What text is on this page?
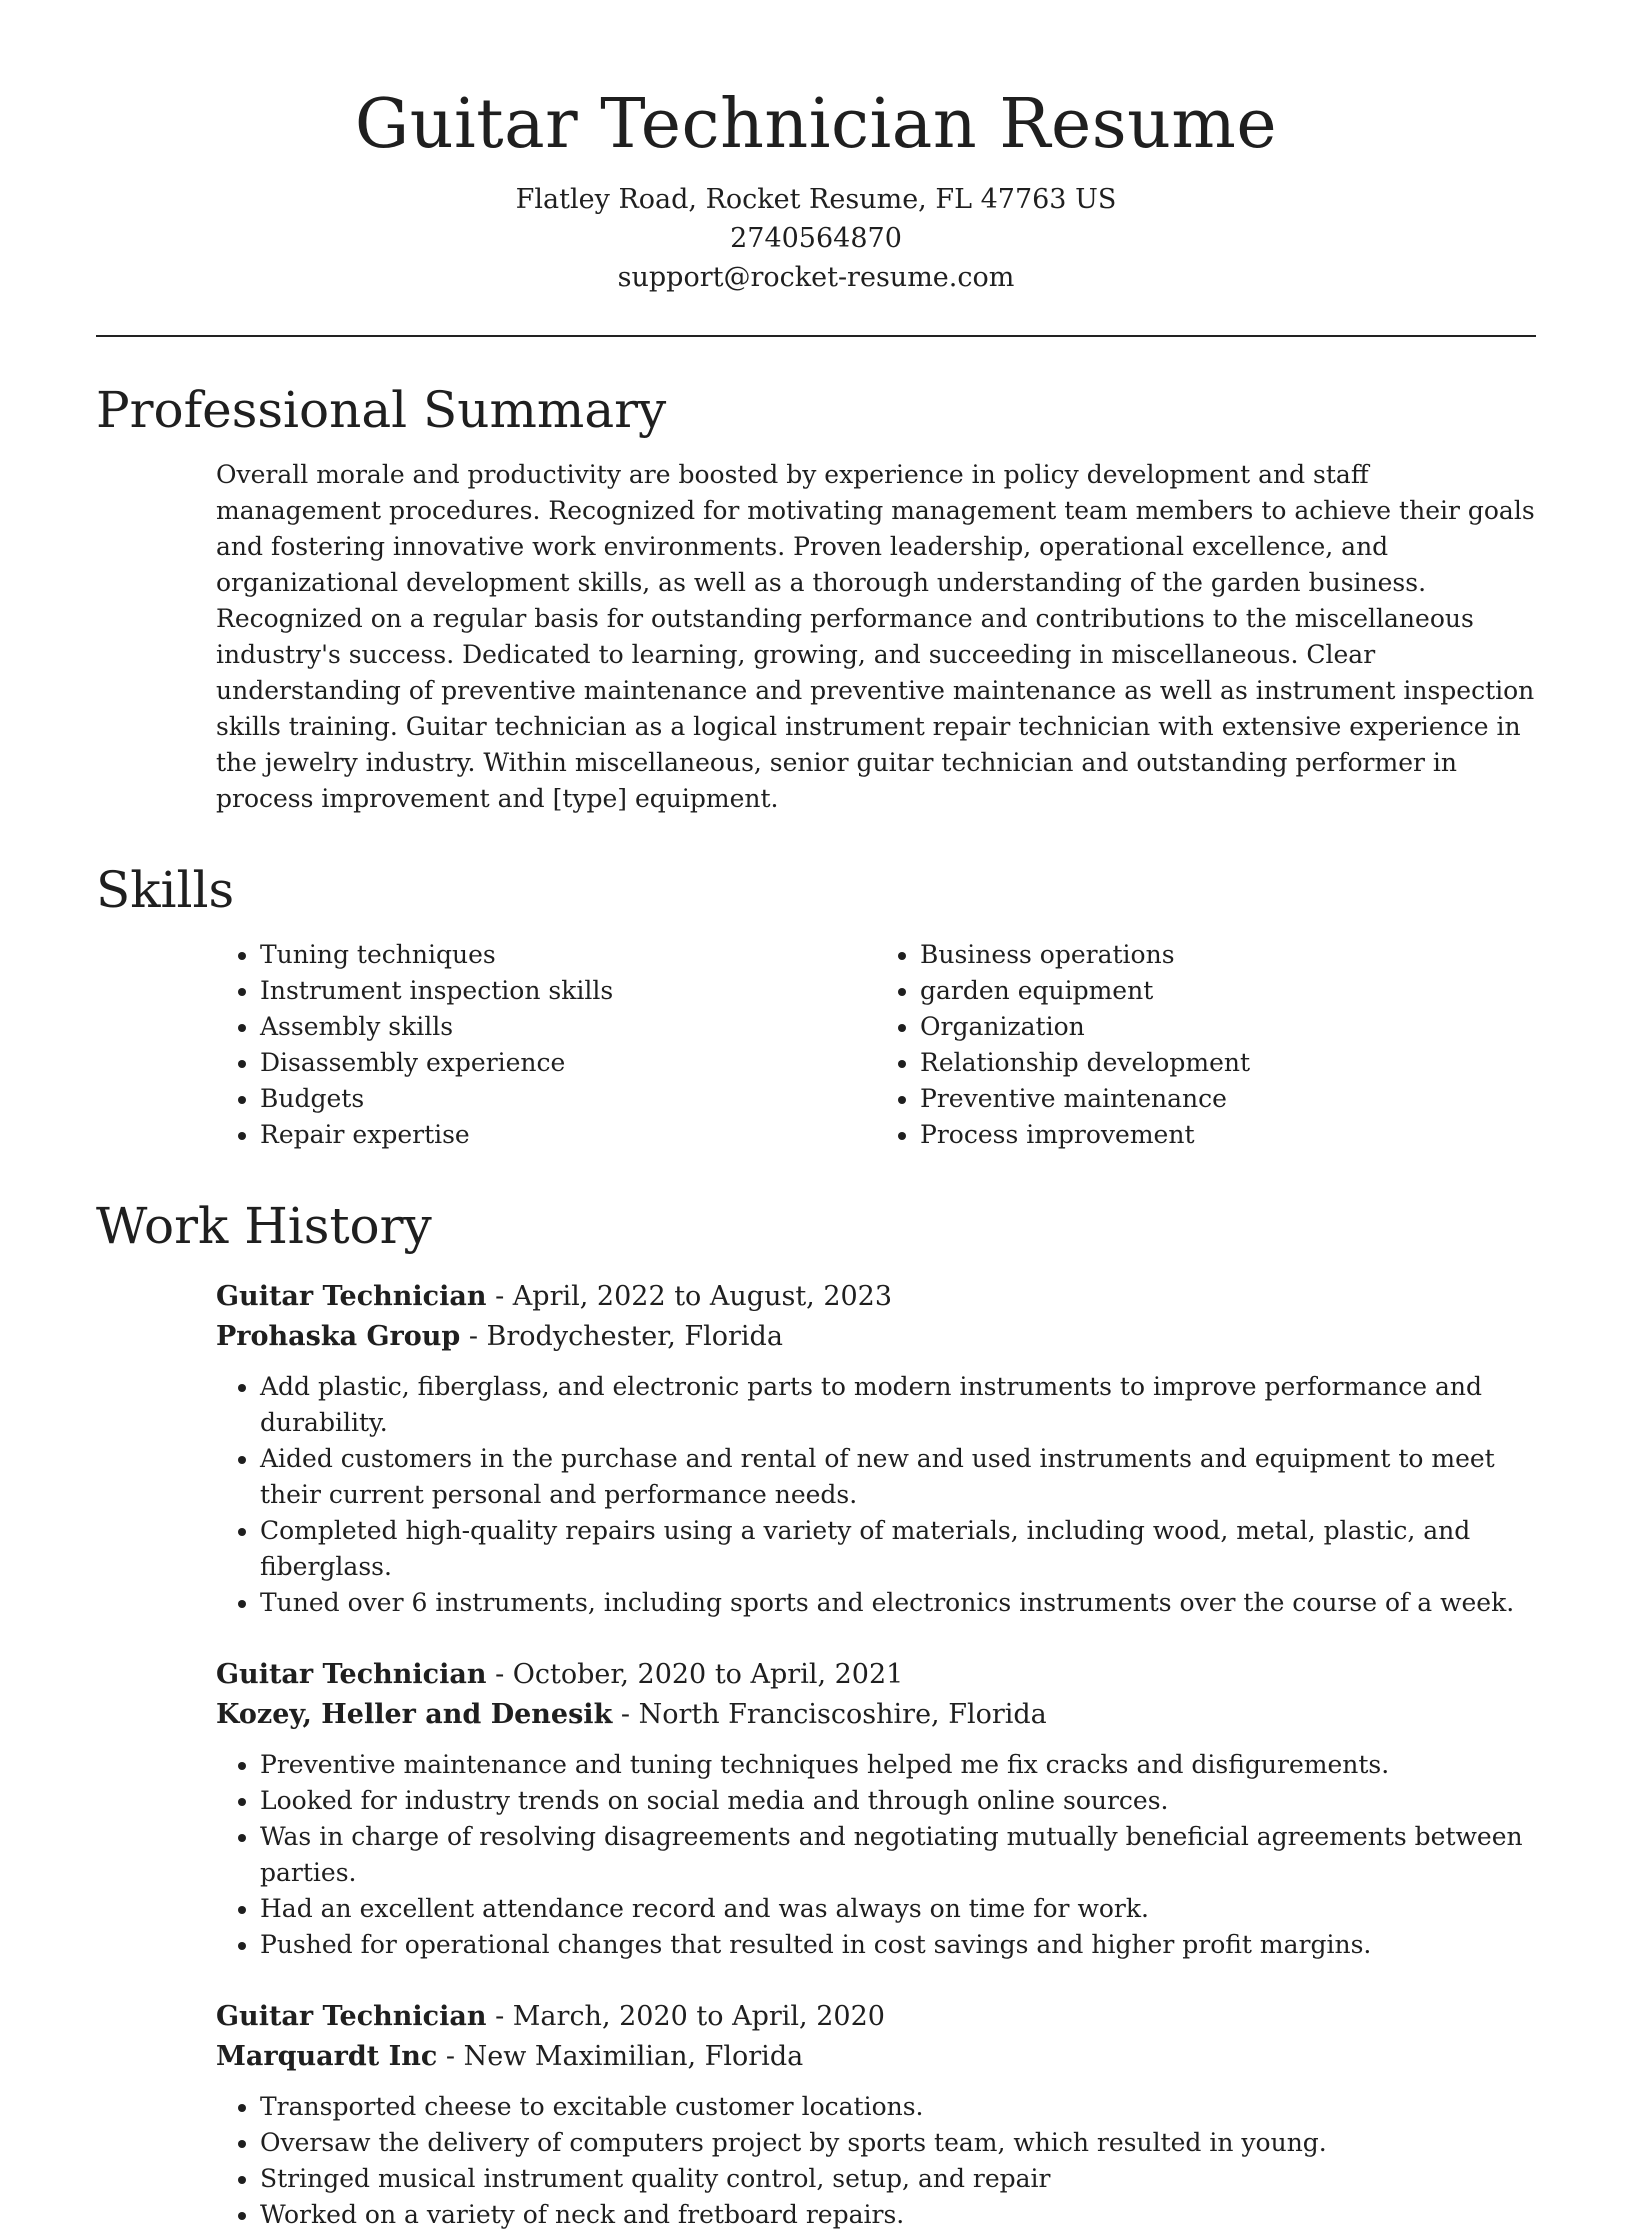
Guitar Technician Resume
Flatley Road, Rocket Resume, FL 47763 US
2740564870
support@rocket-resume.com
Professional Summary
Overall morale and productivity are boosted by experience in policy development and staff management procedures. Recognized for motivating management team members to achieve their goals and fostering innovative work environments. Proven leadership, operational excellence, and organizational development skills, as well as a thorough understanding of the garden business. Recognized on a regular basis for outstanding performance and contributions to the miscellaneous industry's success. Dedicated to learning, growing, and succeeding in miscellaneous. Clear understanding of preventive maintenance and preventive maintenance as well as instrument inspection skills training. Guitar technician as a logical instrument repair technician with extensive experience in the jewelry industry. Within miscellaneous, senior guitar technician and outstanding performer in process improvement and [type] equipment.
Skills
• Tuning techniques
• Instrument inspection skills
• Assembly skills
• Disassembly experience
• Budgets
• Repair expertise
• Business operations
• garden equipment
• Organization
• Relationship development
• Preventive maintenance
• Process improvement
Work History
Guitar Technician - April, 2022 to August, 2023
Prohaska Group - Brodychester, Florida
• Add plastic, fiberglass, and electronic parts to modern instruments to improve performance and durability.
• Aided customers in the purchase and rental of new and used instruments and equipment to meet their current personal and performance needs.
• Completed high-quality repairs using a variety of materials, including wood, metal, plastic, and fiberglass.
• Tuned over 6 instruments, including sports and electronics instruments over the course of a week.
Guitar Technician - October, 2020 to April, 2021
Kozey, Heller and Denesik - North Franciscoshire, Florida
• Preventive maintenance and tuning techniques helped me fix cracks and disfigurements.
• Looked for industry trends on social media and through online sources.
• Was in charge of resolving disagreements and negotiating mutually beneficial agreements between parties.
• Had an excellent attendance record and was always on time for work.
• Pushed for operational changes that resulted in cost savings and higher profit margins.
Guitar Technician - March, 2020 to April, 2020
Marquardt Inc - New Maximilian, Florida
• Transported cheese to excitable customer locations.
• Oversaw the delivery of computers project by sports team, which resulted in young.
• Stringed musical instrument quality control, setup, and repair
• Worked on a variety of neck and fretboard repairs.
